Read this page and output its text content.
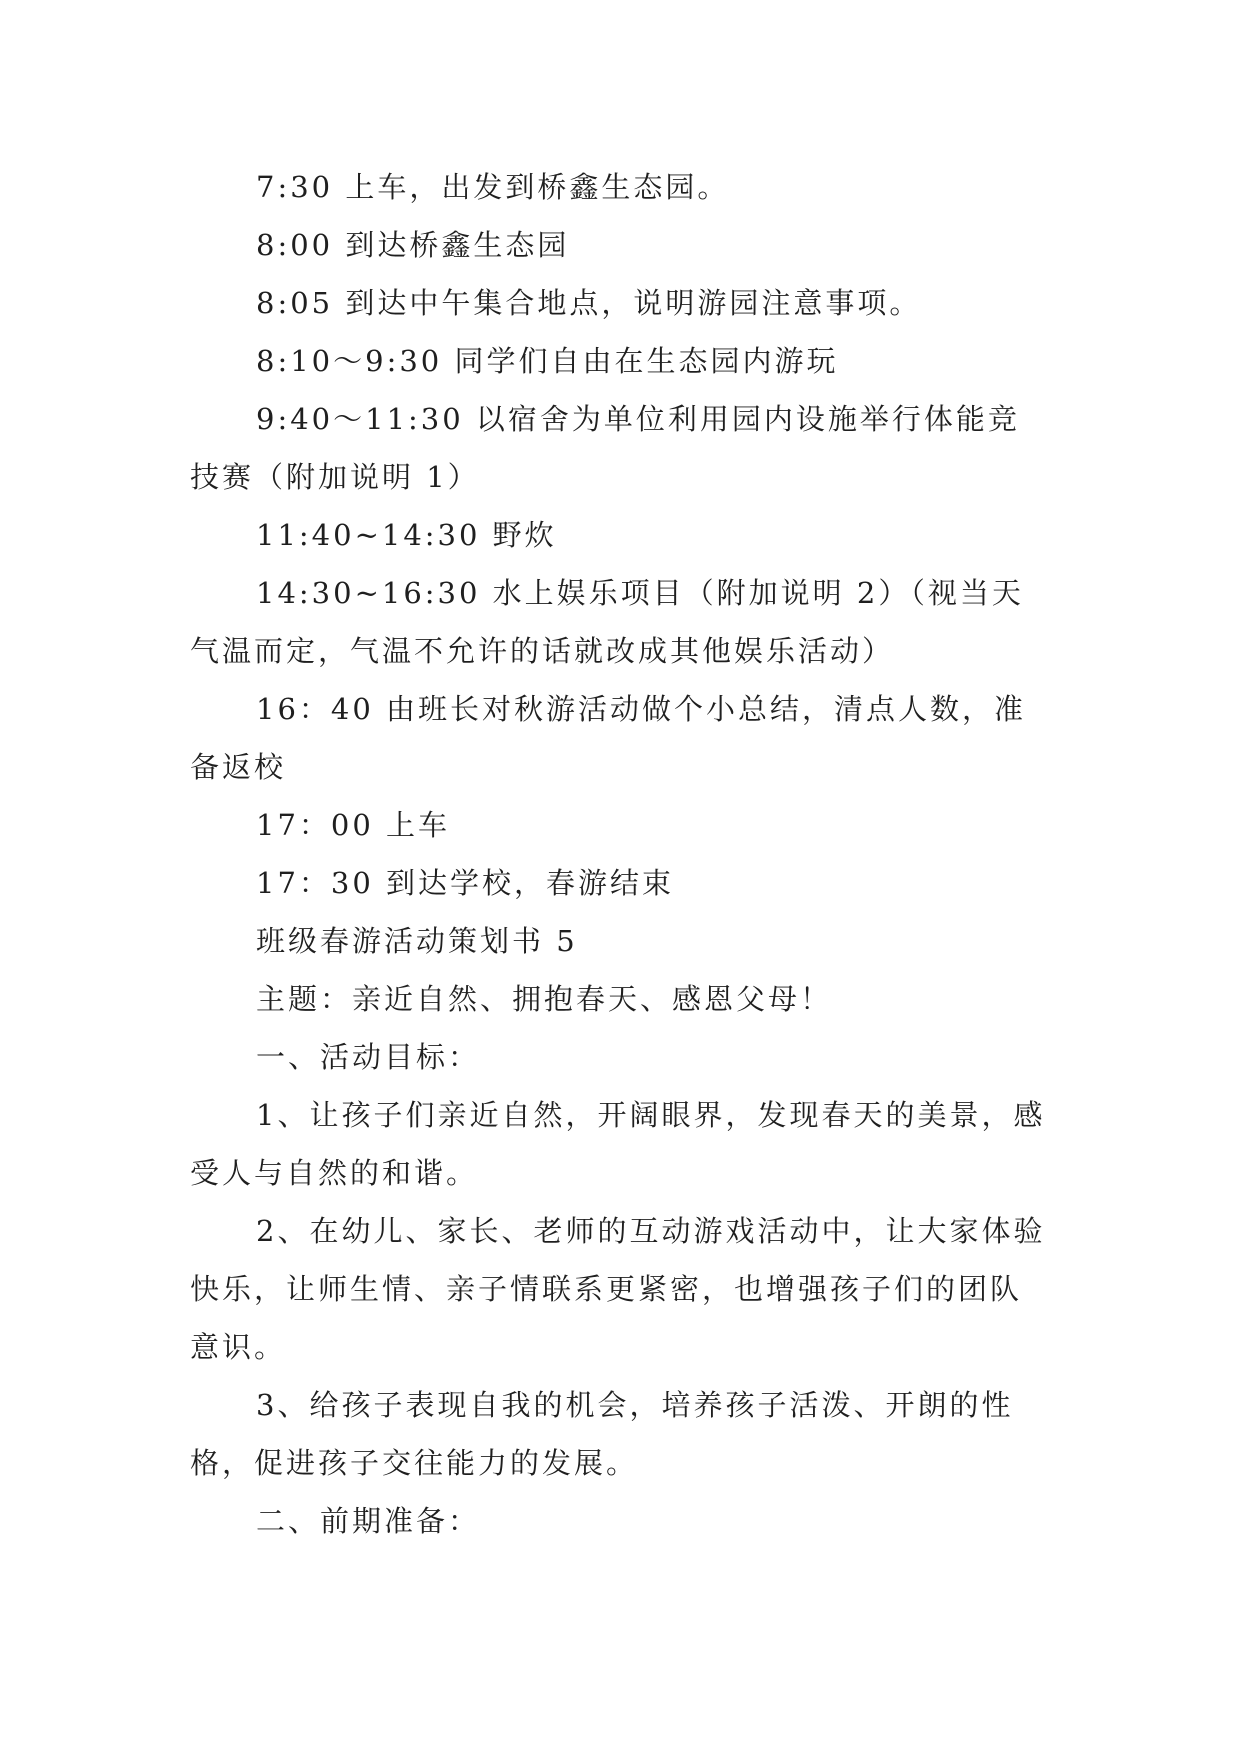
7:30 上车，出发到桥鑫生态园。

8:00 到达桥鑫生态园

8:05 到达中午集合地点，说明游园注意事项。

8:10～9:30 同学们自由在生态园内游玩

9:40～11:30 以宿舍为单位利用园内设施举行体能竞技赛（附加说明 1）

11:40~14:30 野炊

14:30~16:30 水上娱乐项目（附加说明 2）（视当天气温而定，气温不允许的话就改成其他娱乐活动）

16：40 由班长对秋游活动做个小总结，清点人数，准备返校

17：00 上车

17：30 到达学校，春游结束

班级春游活动策划书 5

主题：亲近自然、拥抱春天、感恩父母！

一、活动目标：

1、让孩子们亲近自然，开阔眼界，发现春天的美景，感受人与自然的和谐。

2、在幼儿、家长、老师的互动游戏活动中，让大家体验快乐，让师生情、亲子情联系更紧密，也增强孩子们的团队意识。

3、给孩子表现自我的机会，培养孩子活泼、开朗的性格，促进孩子交往能力的发展。

二、前期准备：
